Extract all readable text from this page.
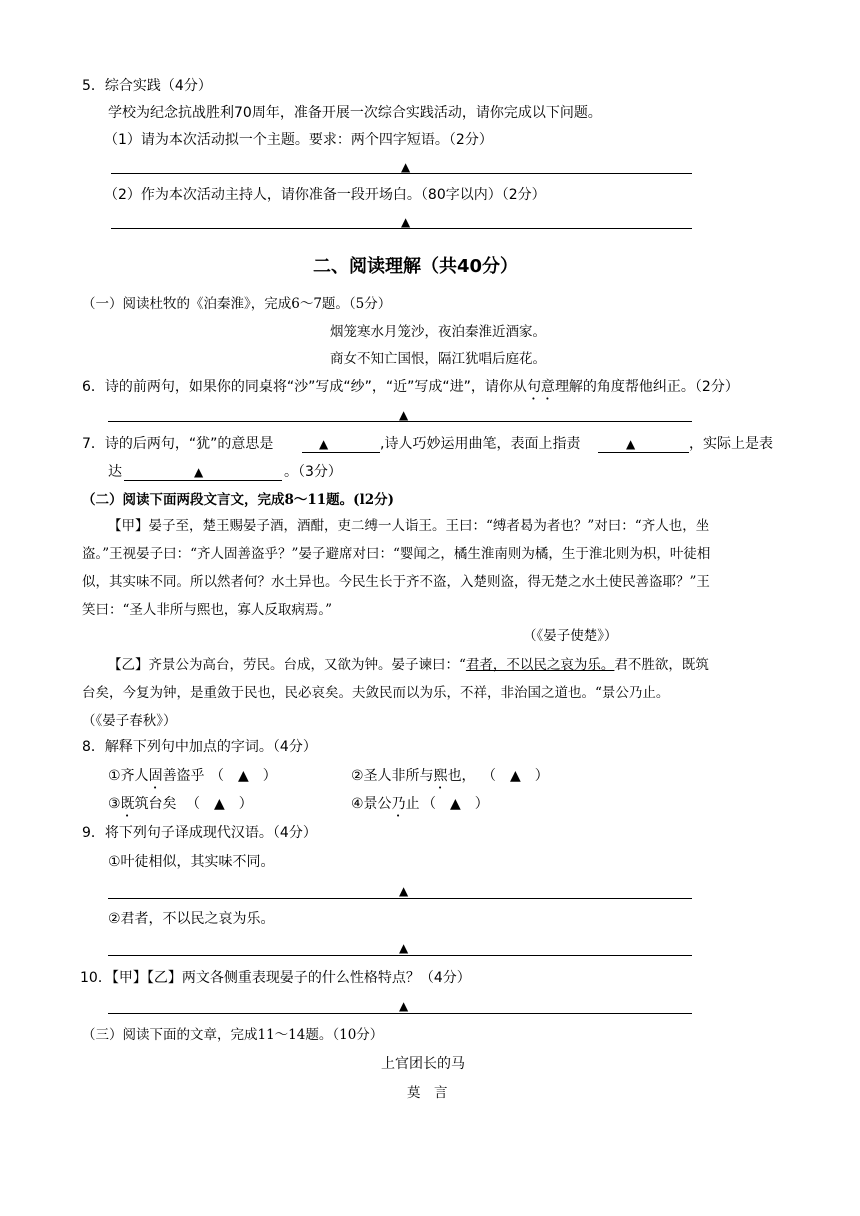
5．综合实践（4分）
学校为纪念抗战胜利70周年，准备开展一次综合实践活动，请你完成以下问题。
（1）请为本次活动拟一个主题。要求：两个四字短语。（2分）
▲
（2）作为本次活动主持人，请你准备一段开场白。（80字以内）（2分）
▲
二、阅读理解（共40分）
（一）阅读杜牧的《泊秦淮》，完成6～7题。（5分）
烟笼寒水月笼沙，夜泊秦淮近酒家。
商女不知亡国恨，隔江犹唱后庭花。
6．诗的前两句，如果你的同桌将“沙”写成“纱”，“近”写成“进”，请你从句意理解的角度帮他纠正。（2分）
▲
7．诗的后两句，“犹”的意思是	▲	,诗人巧妙运用曲笔，表面上指责	▲	，实际上是表
达	▲	。（3分）
（二）阅读下面两段文言文，完成8～11题。(l2分)
【甲】晏子至，楚王赐晏子酒，酒酣，吏二缚一人诣王。王曰：“缚者曷为者也？”对曰：“齐人也，坐
盗。”王视晏子曰：“齐人固善盗乎？”晏子避席对曰：“婴闻之，橘生淮南则为橘，生于淮北则为枳，叶徒相
似，其实味不同。所以然者何？水土异也。今民生长于齐不盗，入楚则盗，得无楚之水土使民善盗耶？”王
笑曰：“圣人非所与熙也，寡人反取病焉。”
（《晏子使楚》）
【乙】齐景公为高台，劳民。台成，又欲为钟。晏子谏曰：“君者，不以民之哀为乐。君不胜欲，既筑
台矣，今复为钟，是重敛于民也，民必哀矣。夫敛民而以为乐，不祥，非治国之道也。“景公乃止。
（《晏子春秋》）
8．解释下列句中加点的字词。（4分）
①齐人固善盗乎 （　▲　）	②圣人非所与熙也， （　▲　）
③既筑台矣 （　▲　）	④景公乃止 （　▲　）
9．将下列句子译成现代汉语。（4分）
①叶徒相似，其实味不同。
▲
②君者，不以民之哀为乐。
▲
10．【甲】【乙】两文各侧重表现晏子的什么性格特点？（4分）
▲
（三）阅读下面的文章，完成11～14题。（10分）
上官团长的马
莫　言
